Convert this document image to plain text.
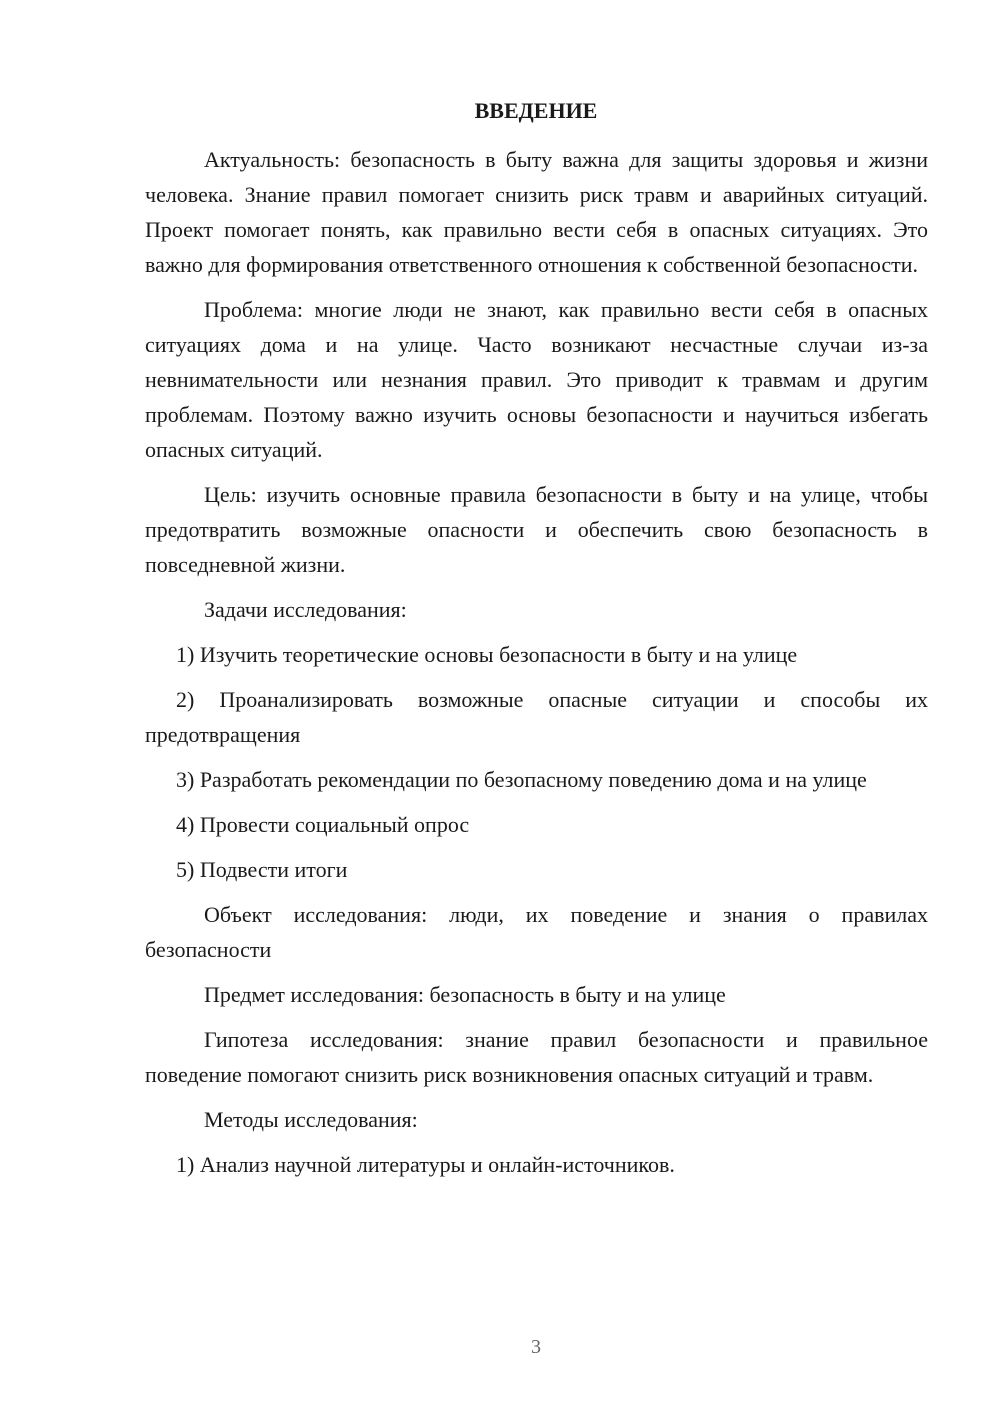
ВВЕДЕНИЕ

Актуальность: безопасность в быту важна для защиты здоровья и жизни человека. Знание правил помогает снизить риск травм и аварийных ситуаций. Проект помогает понять, как правильно вести себя в опасных ситуациях. Это важно для формирования ответственного отношения к собственной безопасности.

Проблема: многие люди не знают, как правильно вести себя в опасных ситуациях дома и на улице. Часто возникают несчастные случаи из-за невнимательности или незнания правил. Это приводит к травмам и другим проблемам. Поэтому важно изучить основы безопасности и научиться избегать опасных ситуаций.

Цель: изучить основные правила безопасности в быту и на улице, чтобы предотвратить возможные опасности и обеспечить свою безопасность в повседневной жизни.

Задачи исследования:

1) Изучить теоретические основы безопасности в быту и на улице

2) Проанализировать возможные опасные ситуации и способы их предотвращения

3) Разработать рекомендации по безопасному поведению дома и на улице

4) Провести социальный опрос

5) Подвести итоги

Объект исследования: люди, их поведение и знания о правилах безопасности

Предмет исследования: безопасность в быту и на улице

Гипотеза исследования: знание правил безопасности и правильное поведение помогают снизить риск возникновения опасных ситуаций и травм.

Методы исследования:

1) Анализ научной литературы и онлайн-источников.

3
